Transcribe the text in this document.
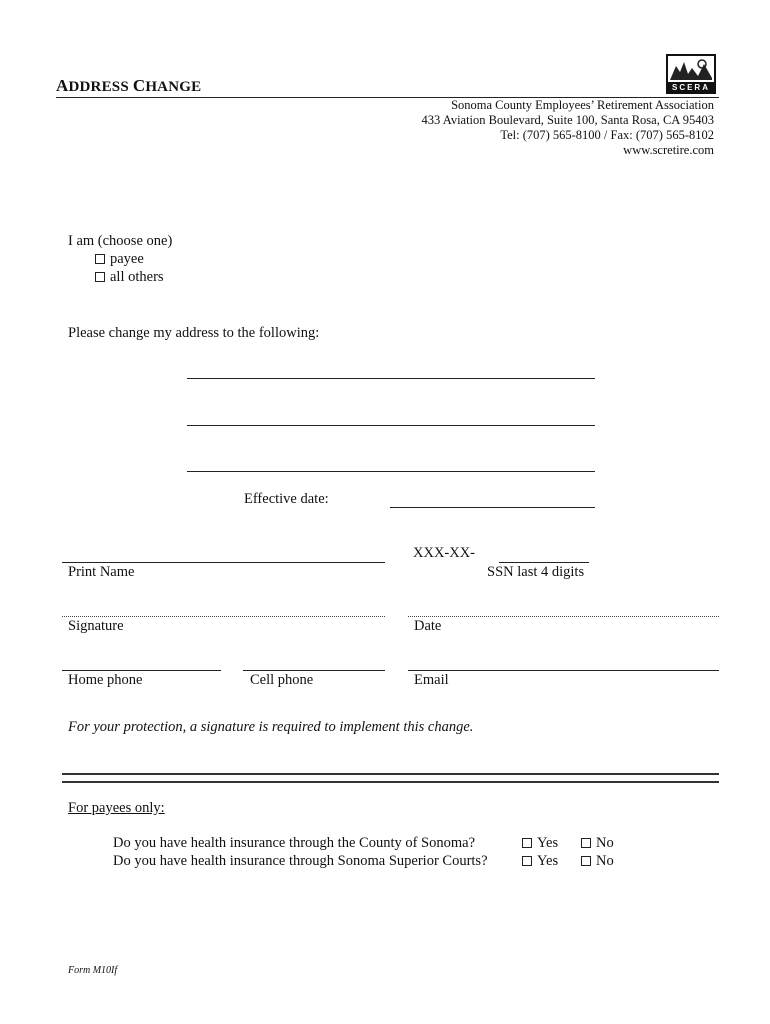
ADDRESS CHANGE	SCERA
Sonoma County Employees’ Retirement Association
433 Aviation Boulevard, Suite 100, Santa Rosa, CA 95403
Tel: (707) 565-8100 / Fax: (707) 565-8102
www.scretire.com
I am (choose one)
payee
all others
Please change my address to the following:
Effective date:
XXX-XX-
Print Name	SSN last 4 digits
Signature	Date
Home phone	Cell phone	Email
For your protection, a signature is required to implement this change.
For payees only:
Do you have health insurance through the County of Sonoma?	Yes	No
Do you have health insurance through Sonoma Superior Courts?	Yes	No
Form M10If
